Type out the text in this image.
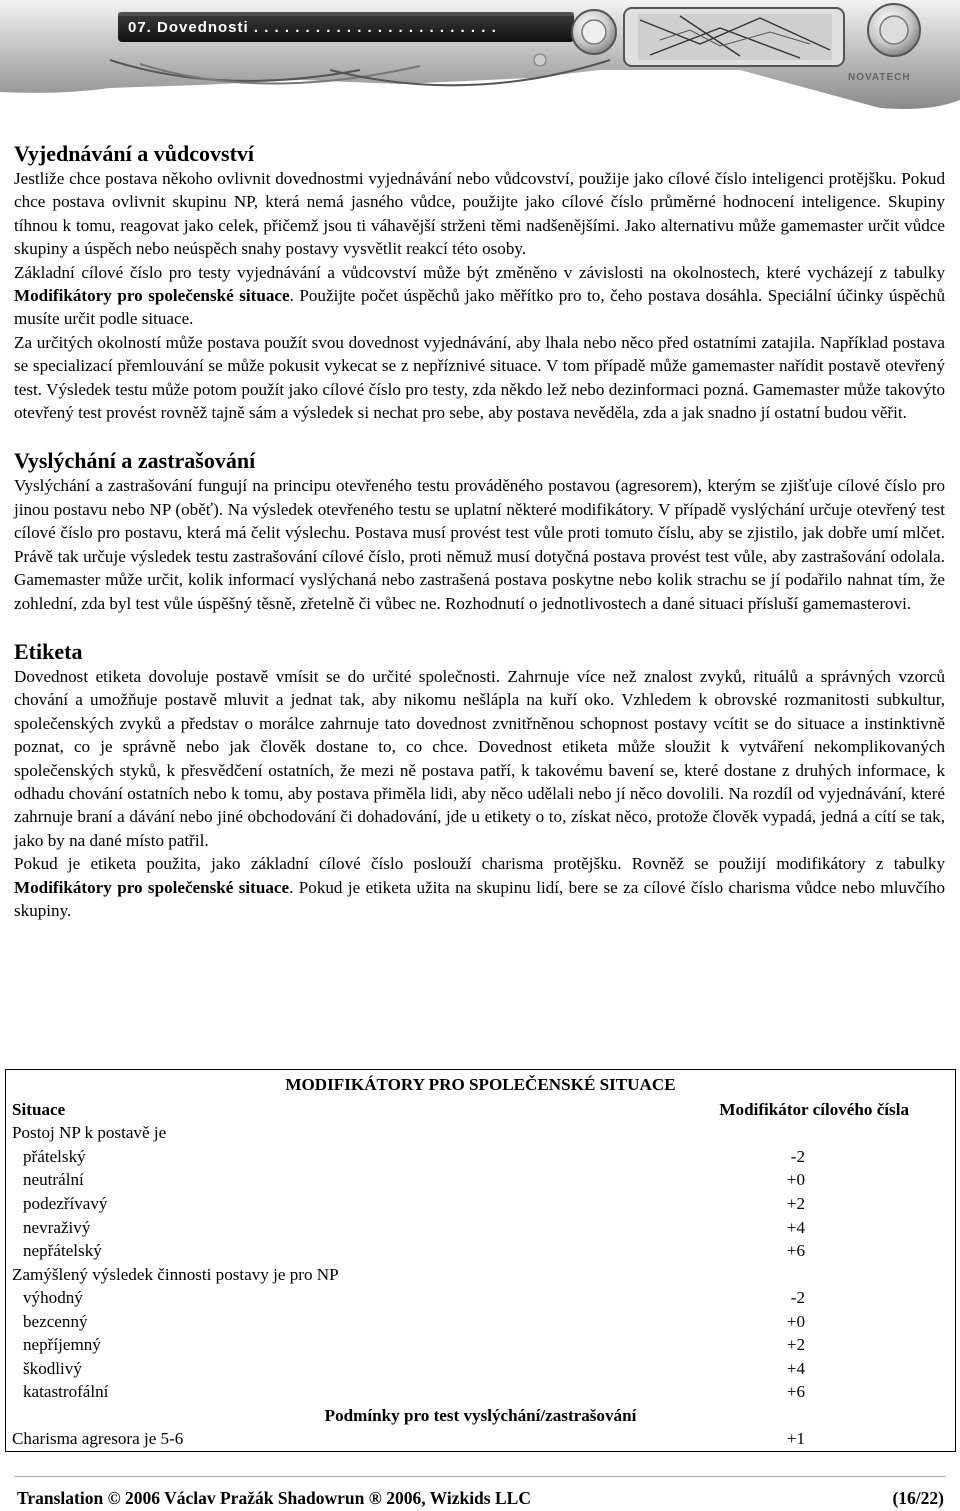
07. Dovednosti . . . . . . . . . . . . . . . . . . . . . . . .
NOVATECH
Vyjednávání a vůdcovství

Jestliže chce postava někoho ovlivnit dovednostmi vyjednávání nebo vůdcovství, použije jako cílové číslo inteligenci protějšku. Pokud chce postava ovlivnit skupinu NP, která nemá jasného vůdce, použijte jako cílové číslo průměrné hodnocení inteligence. Skupiny tíhnou k tomu, reagovat jako celek, přičemž jsou ti váhavější strženi těmi nadšenějšími. Jako alternativu může gamemaster určit vůdce skupiny a úspěch nebo neúspěch snahy postavy vysvětlit reakcí této osoby.

Základní cílové číslo pro testy vyjednávání a vůdcovství může být změněno v závislosti na okolnostech, které vycházejí z tabulky Modifikátory pro společenské situace. Použijte počet úspěchů jako měřítko pro to, čeho postava dosáhla. Speciální účinky úspěchů musíte určit podle situace.

Za určitých okolností může postava použít svou dovednost vyjednávání, aby lhala nebo něco před ostatními zatajila. Například postava se specializací přemlouvání se může pokusit vykecat se z nepříznivé situace. V tom případě může gamemaster nařídit postavě otevřený test. Výsledek testu může potom použít jako cílové číslo pro testy, zda někdo lež nebo dezinformaci pozná. Gamemaster může takovýto otevřený test provést rovněž tajně sám a výsledek si nechat pro sebe, aby postava nevěděla, zda a jak snadno jí ostatní budou věřit.

Vyslýchání a zastrašování

Vyslýchání a zastrašování fungují na principu otevřeného testu prováděného postavou (agresorem), kterým se zjišťuje cílové číslo pro jinou postavu nebo NP (oběť). Na výsledek otevřeného testu se uplatní některé modifikátory. V případě vyslýchání určuje otevřený test cílové číslo pro postavu, která má čelit výslechu. Postava musí provést test vůle proti tomuto číslu, aby se zjistilo, jak dobře umí mlčet. Právě tak určuje výsledek testu zastrašování cílové číslo, proti němuž musí dotyčná postava provést test vůle, aby zastrašování odolala. Gamemaster může určit, kolik informací vyslýchaná nebo zastrašená postava poskytne nebo kolik strachu se jí podařilo nahnat tím, že zohlední, zda byl test vůle úspěšný těsně, zřetelně či vůbec ne. Rozhodnutí o jednotlivostech a dané situaci přísluší gamemasterovi.

Etiketa

Dovednost etiketa dovoluje postavě vmísit se do určité společnosti. Zahrnuje více než znalost zvyků, rituálů a správných vzorců chování a umožňuje postavě mluvit a jednat tak, aby nikomu nešlápla na kuří oko. Vzhledem k obrovské rozmanitosti subkultur, společenských zvyků a představ o morálce zahrnuje tato dovednost zvnitřněnou schopnost postavy vcítit se do situace a instinktivně poznat, co je správně nebo jak člověk dostane to, co chce. Dovednost etiketa může sloužit k vytváření nekomplikovaných společenských styků, k přesvědčení ostatních, že mezi ně postava patří, k takovému bavení se, které dostane z druhých informace, k odhadu chování ostatních nebo k tomu, aby postava přiměla lidi, aby něco udělali nebo jí něco dovolili. Na rozdíl od vyjednávání, které zahrnuje braní a dávání nebo jiné obchodování či dohadování, jde u etikety o to, získat něco, protože člověk vypadá, jedná a cítí se tak, jako by na dané místo patřil.

Pokud je etiketa použita, jako základní cílové číslo poslouží charisma protějšku. Rovněž se použijí modifikátory z tabulky Modifikátory pro společenské situace. Pokud je etiketa užita na skupinu lidí, bere se za cílové číslo charisma vůdce nebo mluvčího skupiny.

MODIFIKÁTORY PRO SPOLEČENSKÉ SITUACE
Situace	Modifikátor cílového čísla
Postoj NP k postavě je
přátelský	-2
neutrální	+0
podezřívavý	+2
nevraživý	+4
nepřátelský	+6
Zamýšlený výsledek činnosti postavy je pro NP
výhodný	-2
bezcenný	+0
nepříjemný	+2
škodlivý	+4
katastrofální	+6
Podmínky pro test vyslýchání/zastrašování
Charisma agresora je 5-6	+1
Translation © 2006 Václav Pražák Shadowrun ® 2006, Wizkids LLC	(16/22)
